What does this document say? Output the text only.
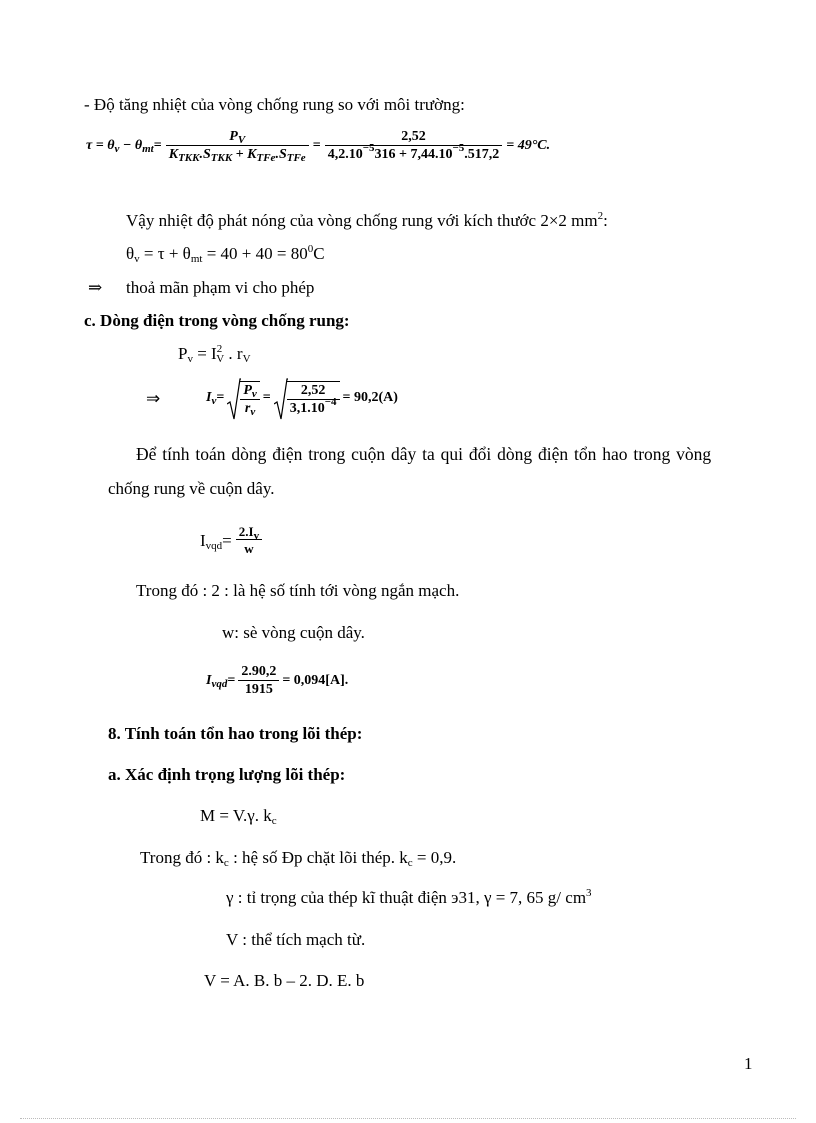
- Độ tăng nhiệt của vòng chống rung so với môi trường:
$\tau = \theta_v - \theta_{mt} = \frac{P_V}{K_{TKK}.S_{TKK} + K_{TFe}.S_{TFe}} = \frac{2,52}{4,2.10^{-5}316 + 7,44.10^{-5}.517,2} = 49^\circ C$.
Vậy nhiệt độ phát nóng của vòng chống rung với kích thước 2×2 $mm^2$:
$\theta_v = \tau + \theta_{mt} = 40 + 40 = 80^0C$
⇒ thoả mãn phạm vi cho phép
c. Dòng điện trong vòng chống rung:
$P_v = I^2_V$ . $r_V$
⇒	$I_v = \frac{P_v}{r_v} = \frac{2,52}{3,1.10^{-4}} = 90,2(A)$
Để tính toán dòng điện trong cuộn dây ta qui đổi dòng điện tổn hao trong vòng
chống rung về cuộn dây.
$I_{vqd} = \frac{2.I_v}{w}$
Trong đó : 2 : là hệ số tính tới vòng ngắn mạch.
w: sè vòng cuộn dây.
$I_{vqd} = \frac{2.90,2}{1915} = 0,094[A]$.
8. Tính toán tổn hao trong lõi thép:
a. Xác định trọng lượng lõi thép:
M = V.γ. $k_c$
Trong đó : $k_c$ : hệ số Đp chặt lõi thép. $k_c = 0,9$.
γ : tỉ trọng của thép kĩ thuật điện э31, γ = 7, 65 g/ $cm^3$
V : thể tích mạch từ.
V = A. B. b – 2. D. E. b
1
